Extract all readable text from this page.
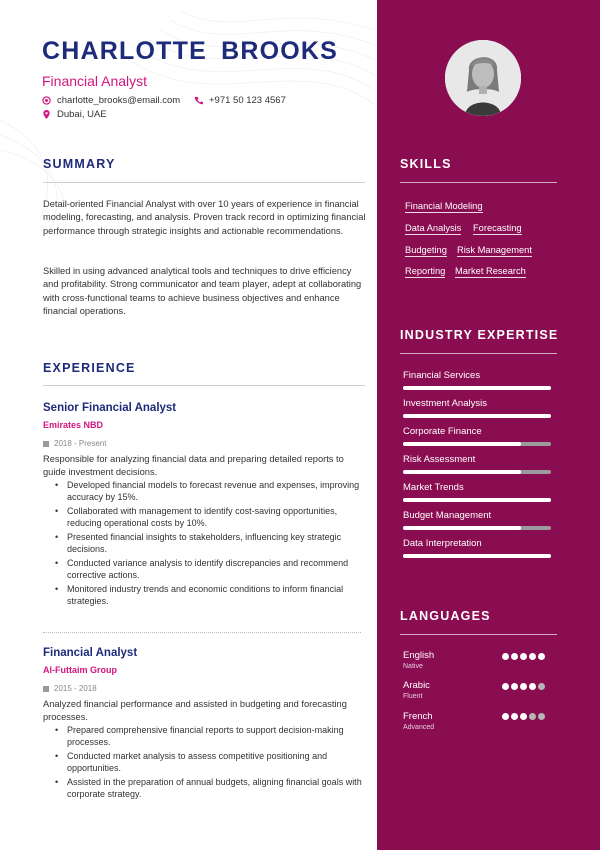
CHARLOTTE BROOKS
Financial Analyst
charlotte_brooks@email.com	+971 50 123 4567
Dubai, UAE
SUMMARY
Detail-oriented Financial Analyst with over 10 years of experience in financial modeling, forecasting, and analysis. Proven track record in optimizing financial performance through strategic insights and actionable recommendations.
Skilled in using advanced analytical tools and techniques to drive efficiency and profitability. Strong communicator and team player, adept at collaborating with cross-functional teams to achieve business objectives and enhance financial operations.
EXPERIENCE
Senior Financial Analyst
Emirates NBD
2018 - Present
Responsible for analyzing financial data and preparing detailed reports to guide investment decisions.
• Developed financial models to forecast revenue and expenses, improving accuracy by 15%.
• Collaborated with management to identify cost-saving opportunities, reducing operational costs by 10%.
• Presented financial insights to stakeholders, influencing key strategic decisions.
• Conducted variance analysis to identify discrepancies and recommend corrective actions.
• Monitored industry trends and economic conditions to inform financial strategies.
Financial Analyst
Al-Futtaim Group
2015 - 2018
Analyzed financial performance and assisted in budgeting and forecasting processes.
• Prepared comprehensive financial reports to support decision-making processes.
• Conducted market analysis to assess competitive positioning and opportunities.
• Assisted in the preparation of annual budgets, aligning financial goals with corporate strategy.
SKILLS
Financial Modeling
Data Analysis Forecasting
Budgeting Risk Management
Reporting Market Research
INDUSTRY EXPERTISE
Financial Services
Investment Analysis
Corporate Finance
Risk Assessment
Market Trends
Budget Management
Data Interpretation
LANGUAGES
English
Native
Arabic
Fluent
French
Advanced
